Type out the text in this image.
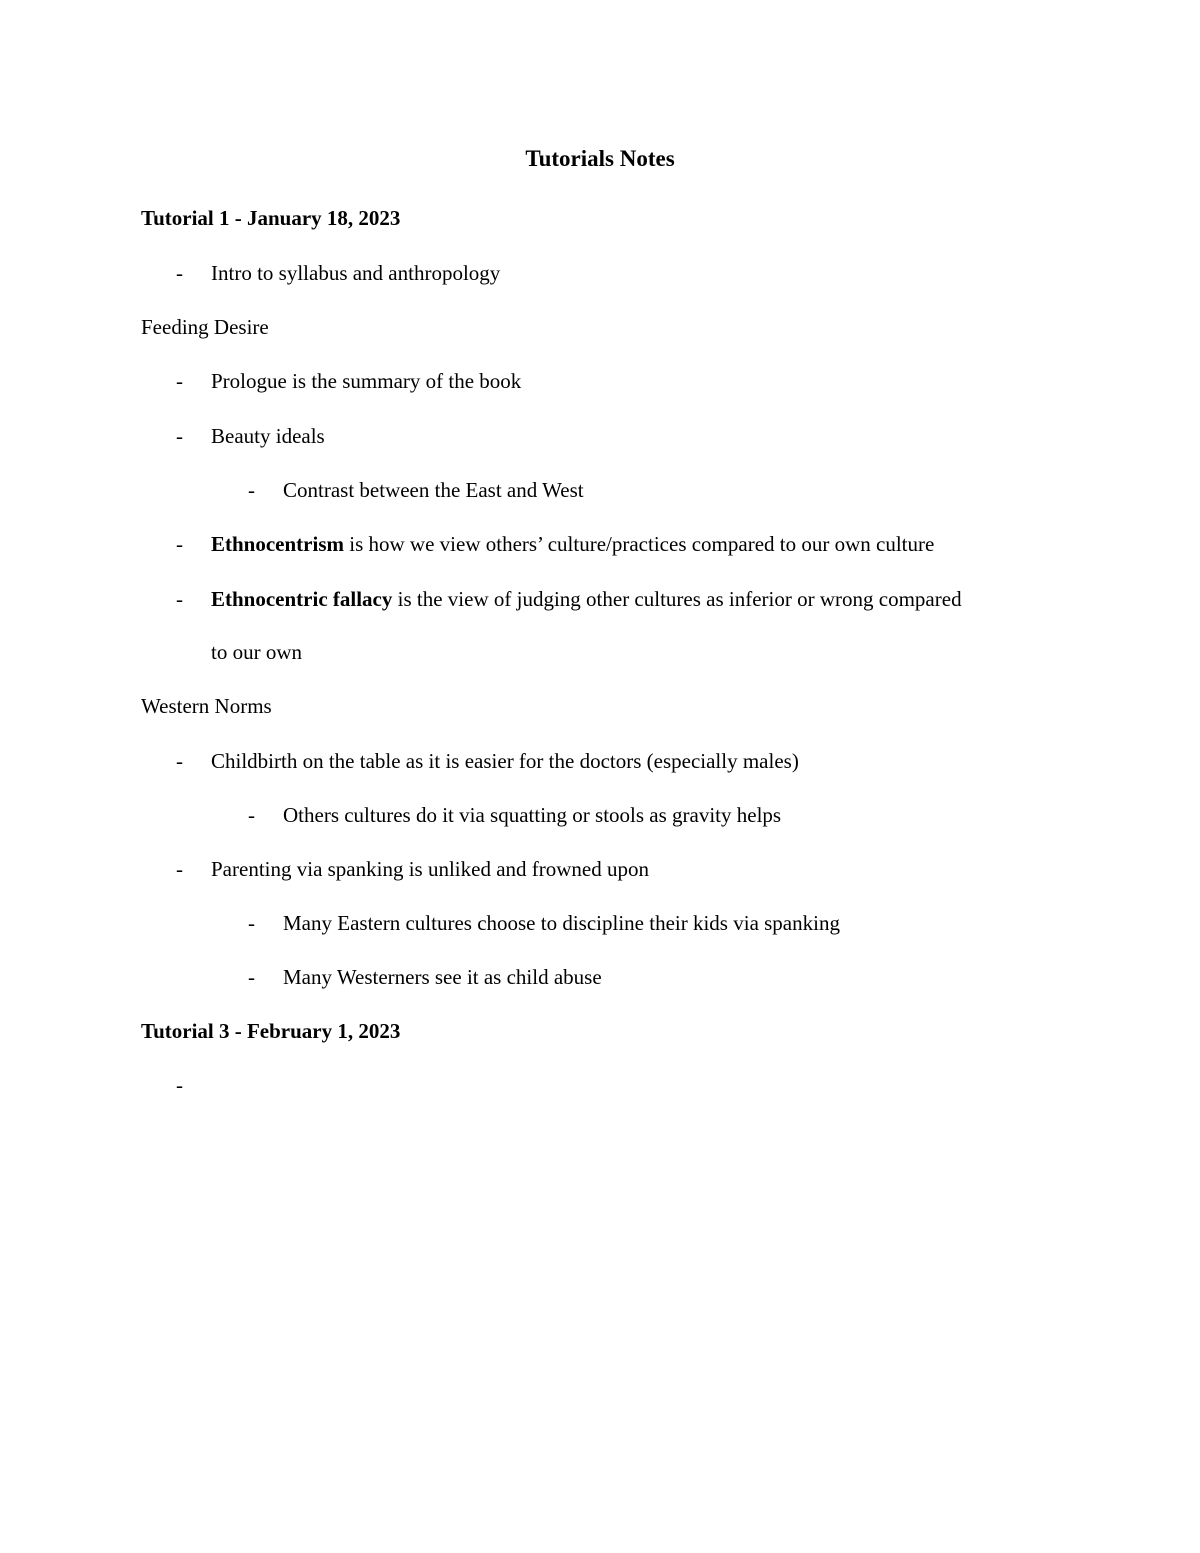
Tutorials Notes
Tutorial 1 - January 18, 2023
- Intro to syllabus and anthropology
Feeding Desire
- Prologue is the summary of the book
- Beauty ideals
- Contrast between the East and West
- Ethnocentrism is how we view others’ culture/practices compared to our own culture
- Ethnocentric fallacy is the view of judging other cultures as inferior or wrong compared
to our own
Western Norms
- Childbirth on the table as it is easier for the doctors (especially males)
- Others cultures do it via squatting or stools as gravity helps
- Parenting via spanking is unliked and frowned upon
- Many Eastern cultures choose to discipline their kids via spanking
- Many Westerners see it as child abuse
Tutorial 3 - February 1, 2023
-
